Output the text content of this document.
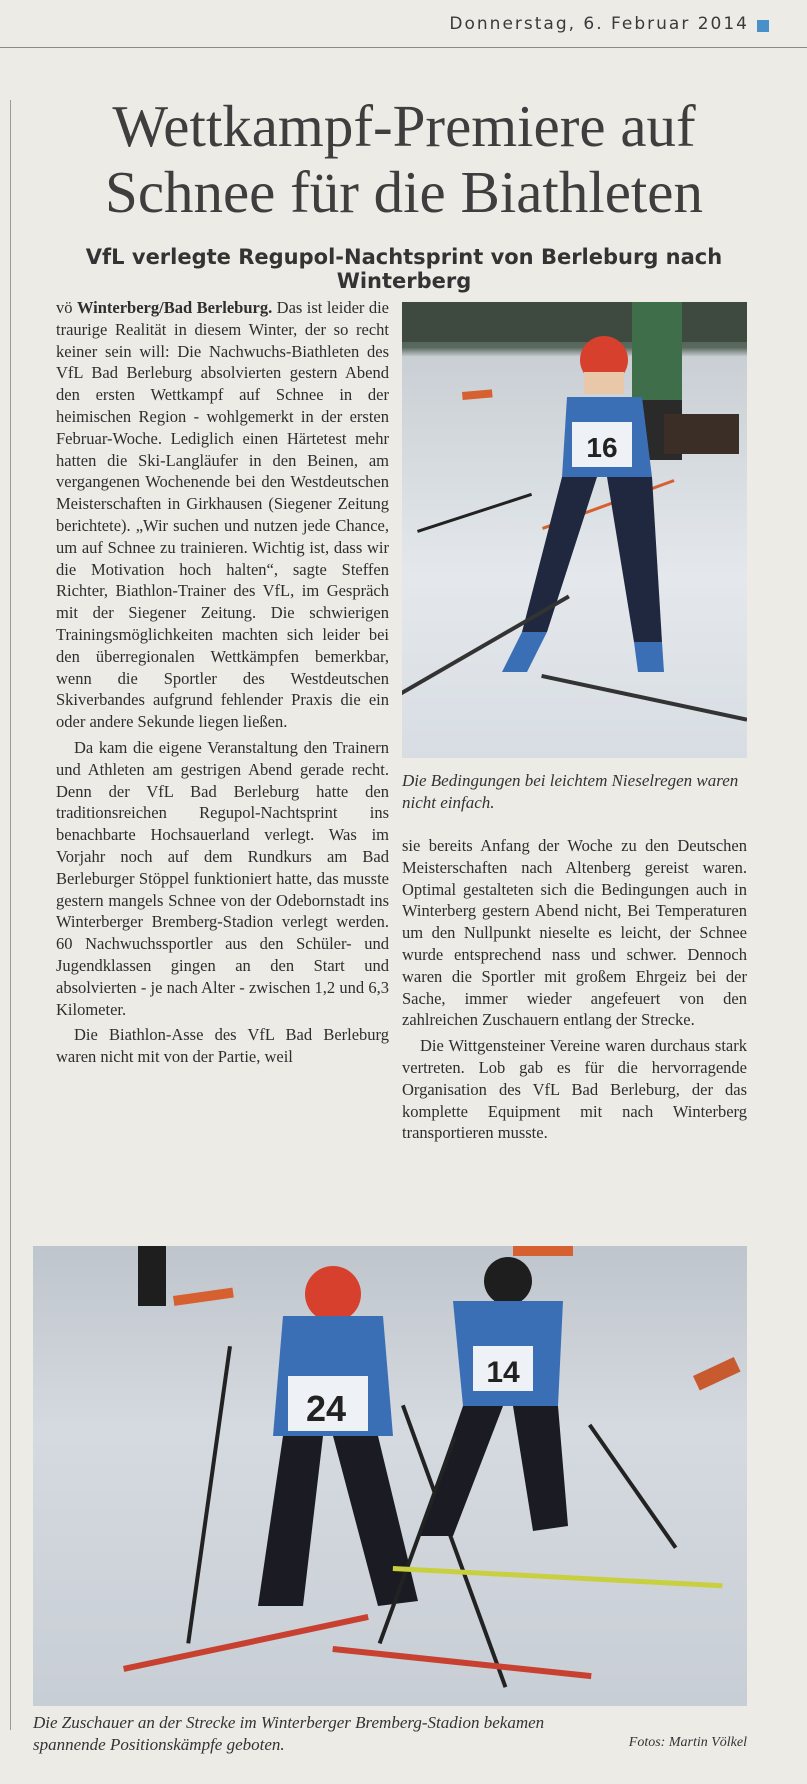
Donnerstag, 6. Februar 2014
Wettkampf-Premiere auf
Schnee für die Biathleten
VfL verlegte Regupol-Nachtsprint von Berleburg nach Winterberg

vö Winterberg/Bad Berleburg. Das ist leider die traurige Realität in diesem Winter, der so recht keiner sein will: Die Nachwuchs-Biathleten des VfL Bad Berleburg absolvierten gestern Abend den ersten Wettkampf auf Schnee in der heimischen Region - wohlgemerkt in der ersten Februar-Woche. Lediglich einen Härtetest mehr hatten die Ski-Langläufer in den Beinen, am vergangenen Wochenende bei den Westdeutschen Meisterschaften in Girkhausen (Siegener Zeitung berichtete). „Wir suchen und nutzen jede Chance, um auf Schnee zu trainieren. Wichtig ist, dass wir die Motivation hoch halten“, sagte Steffen Richter, Biathlon-Trainer des VfL, im Gespräch mit der Siegener Zeitung. Die schwierigen Trainingsmöglichkeiten machten sich leider bei den überregionalen Wettkämpfen bemerkbar, wenn die Sportler des Westdeutschen Skiverbandes aufgrund fehlender Praxis die ein oder andere Sekunde liegen ließen.

Da kam die eigene Veranstaltung den Trainern und Athleten am gestrigen Abend gerade recht. Denn der VfL Bad Berleburg hatte den traditionsreichen Regupol-Nachtsprint ins benachbarte Hochsauerland verlegt. Was im Vorjahr noch auf dem Rundkurs am Bad Berleburger Stöppel funktioniert hatte, das musste gestern mangels Schnee von der Odebornstadt ins Winterberger Bremberg-Stadion verlegt werden. 60 Nachwuchssportler aus den Schüler- und Jugendklassen gingen an den Start und absolvierten - je nach Alter - zwischen 1,2 und 6,3 Kilometer.

Die Biathlon-Asse des VfL Bad Berleburg waren nicht mit von der Partie, weil

16
Die Bedingungen bei leichtem Nieselregen waren nicht einfach.

sie bereits Anfang der Woche zu den Deutschen Meisterschaften nach Altenberg gereist waren. Optimal gestalteten sich die Bedingungen auch in Winterberg gestern Abend nicht, Bei Temperaturen um den Nullpunkt nieselte es leicht, der Schnee wurde entsprechend nass und schwer. Dennoch waren die Sportler mit großem Ehrgeiz bei der Sache, immer wieder angefeuert von den zahlreichen Zuschauern entlang der Strecke.

Die Wittgensteiner Vereine waren durchaus stark vertreten. Lob gab es für die hervorragende Organisation des VfL Bad Berleburg, der das komplette Equipment mit nach Winterberg transportieren musste.

24
14
Die Zuschauer an der Strecke im Winterberger Bremberg-Stadion bekamen spannende Positionskämpfe geboten.	Fotos: Martin Völkel
